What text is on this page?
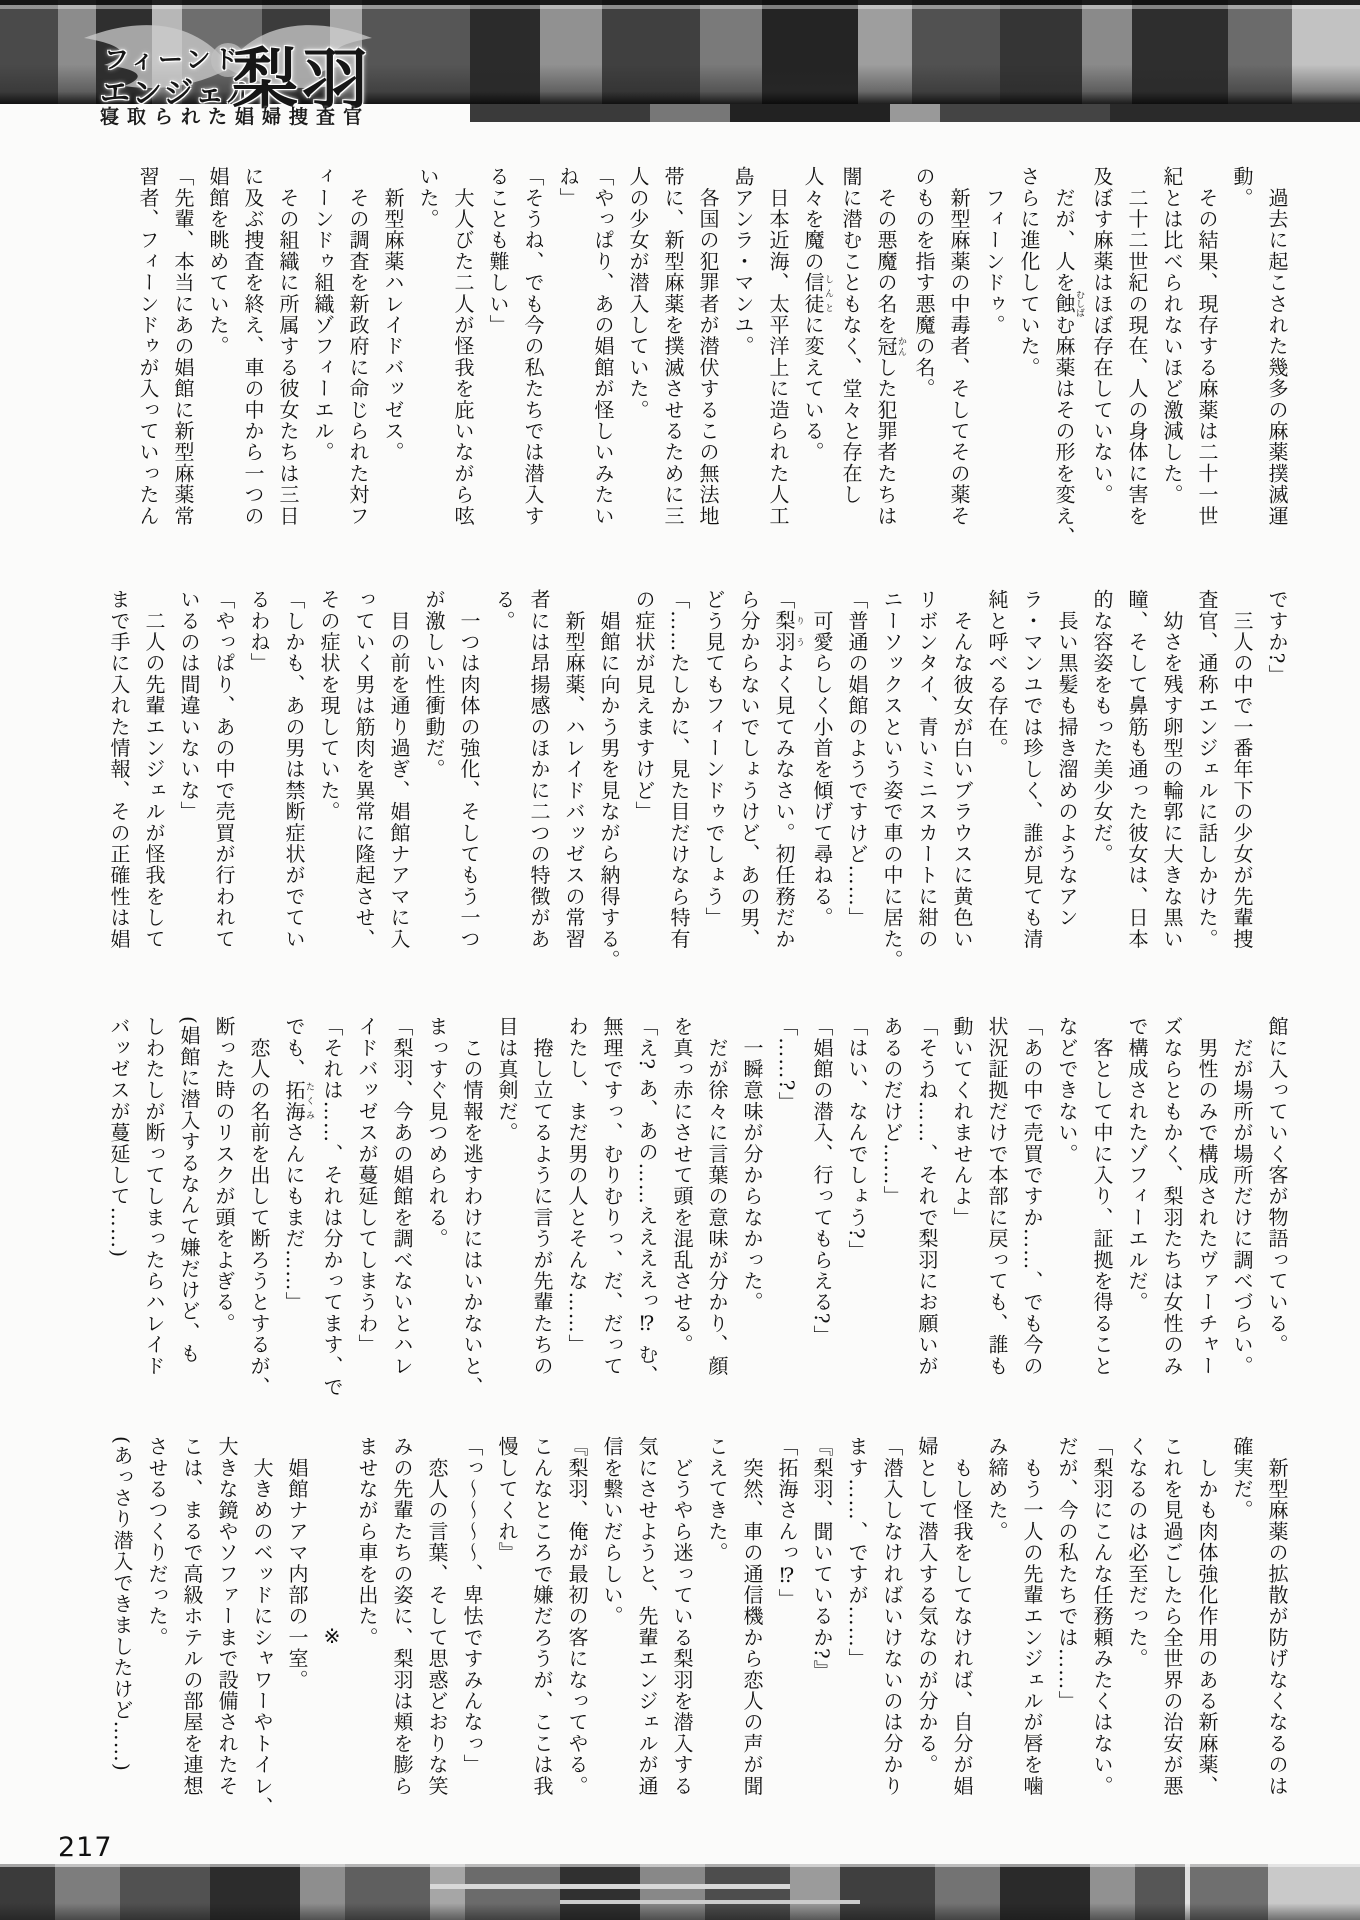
フィーンドゥ
エンジェル
梨羽
寝取られた娼婦捜査官
　過去に起こされた幾多の麻薬撲滅運
動。
　その結果、現存する麻薬は二十一世
紀とは比べられないほど激減した。
　二十二世紀の現在、人の身体に害を
及ぼす麻薬はほぼ存在していない。
　だが、人を蝕むしばむ麻薬はその形を変え、
さらに進化していた。
　フィーンドゥ。
　新型麻薬の中毒者、そしてその薬そ
のものを指す悪魔の名。
　その悪魔の名を冠かんした犯罪者たちは
闇に潜むこともなく、堂々と存在し
人々を魔の信徒しんとに変えている。
　日本近海、太平洋上に造られた人工
島アンラ・マンユ。
　各国の犯罪者が潜伏するこの無法地
帯に、新型麻薬を撲滅させるために三
人の少女が潜入していた。
「やっぱり、あの娼館が怪しいみたい
ね」
「そうね、でも今の私たちでは潜入す
ることも難しい」
　大人びた二人が怪我を庇いながら呟
いた。
　新型麻薬ハレイドバッゼス。
　その調査を新政府に命じられた対フ
ィーンドゥ組織ゾフィーエル。
　その組織に所属する彼女たちは三日
に及ぶ捜査を終え、車の中から一つの
娼館を眺めていた。
「先輩、本当にあの娼館に新型麻薬常
習者、フィーンドゥが入っていったん
ですか?」
　三人の中で一番年下の少女が先輩捜
査官、通称エンジェルに話しかけた。
　幼さを残す卵型の輪郭に大きな黒い
瞳、そして鼻筋も通った彼女は、日本
的な容姿をもった美少女だ。
　長い黒髪も掃き溜めのようなアン
ラ・マンユでは珍しく、誰が見ても清
純と呼べる存在。
　そんな彼女が白いブラウスに黄色い
リボンタイ、青いミニスカートに紺の
ニーソックスという姿で車の中に居た。
「普通の娼館のようですけど……」
　可愛らしく小首を傾げて尋ねる。
「梨羽りうよく見てみなさい。初任務だか
ら分からないでしょうけど、あの男、
どう見てもフィーンドゥでしょう」
「……たしかに、見た目だけなら特有
の症状が見えますけど」
　娼館に向かう男を見ながら納得する。
　新型麻薬、ハレイドバッゼスの常習
者には昂揚感のほかに二つの特徴があ
る。
　一つは肉体の強化、そしてもう一つ
が激しい性衝動だ。
　目の前を通り過ぎ、娼館ナアマに入
っていく男は筋肉を異常に隆起させ、
その症状を現していた。
「しかも、あの男は禁断症状がでてい
るわね」
「やっぱり、あの中で売買が行われて
いるのは間違いないな」
　二人の先輩エンジェルが怪我をして
まで手に入れた情報、その正確性は娼
館に入っていく客が物語っている。
　だが場所が場所だけに調べづらい。
　男性のみで構成されたヴァーチャー
ズならともかく、梨羽たちは女性のみ
で構成されたゾフィーエルだ。
　客として中に入り、証拠を得ること
などできない。
「あの中で売買ですか……、でも今の
状況証拠だけで本部に戻っても、誰も
動いてくれませんよ」
「そうね……、それで梨羽にお願いが
あるのだけど……」
「はい、なんでしょう?」
「娼館の潜入、行ってもらえる?」
「……?」
　一瞬意味が分からなかった。
　だが徐々に言葉の意味が分かり、顔
を真っ赤にさせて頭を混乱させる。
「え? あ、あの……ええええっ⁉ む、
無理ですっ、むりむりっ、だ、だって
わたし、まだ男の人とそんな……」
　捲し立てるように言うが先輩たちの
目は真剣だ。
　この情報を逃すわけにはいかないと、
まっすぐ見つめられる。
「梨羽、今あの娼館を調べないとハレ
イドバッゼスが蔓延してしまうわ」
「それは……、それは分かってます、で
でも、拓海たくみさんにもまだ……」
　恋人の名前を出して断ろうとするが、
断った時のリスクが頭をよぎる。
(娼館に潜入するなんて嫌だけど、も
しわたしが断ってしまったらハレイド
バッゼスが蔓延して……)
　新型麻薬の拡散が防げなくなるのは
確実だ。
　しかも肉体強化作用のある新麻薬、
これを見過ごしたら全世界の治安が悪
くなるのは必至だった。
「梨羽にこんな任務頼みたくはない。
だが、今の私たちでは……」
　もう一人の先輩エンジェルが唇を噛
み締めた。
　もし怪我をしてなければ、自分が娼
婦として潜入する気なのが分かる。
「潜入しなければいけないのは分かり
ます……、ですが……」
『梨羽、聞いているか?』
「拓海さんっ⁉」
　突然、車の通信機から恋人の声が聞
こえてきた。
　どうやら迷っている梨羽を潜入する
気にさせようと、先輩エンジェルが通
信を繋いだらしい。
『梨羽、俺が最初の客になってやる。
こんなところで嫌だろうが、ここは我
慢してくれ』
「っ〜〜〜〜、卑怯ですみんなっ」
　恋人の言葉、そして思惑どおりな笑
みの先輩たちの姿に、梨羽は頬を膨ら
ませながら車を出た。
※
　娼館ナアマ内部の一室。
　大きめのベッドにシャワーやトイレ、
大きな鏡やソファーまで設備されたそ
こは、まるで高級ホテルの部屋を連想
させるつくりだった。
(あっさり潜入できましたけど……)
217
